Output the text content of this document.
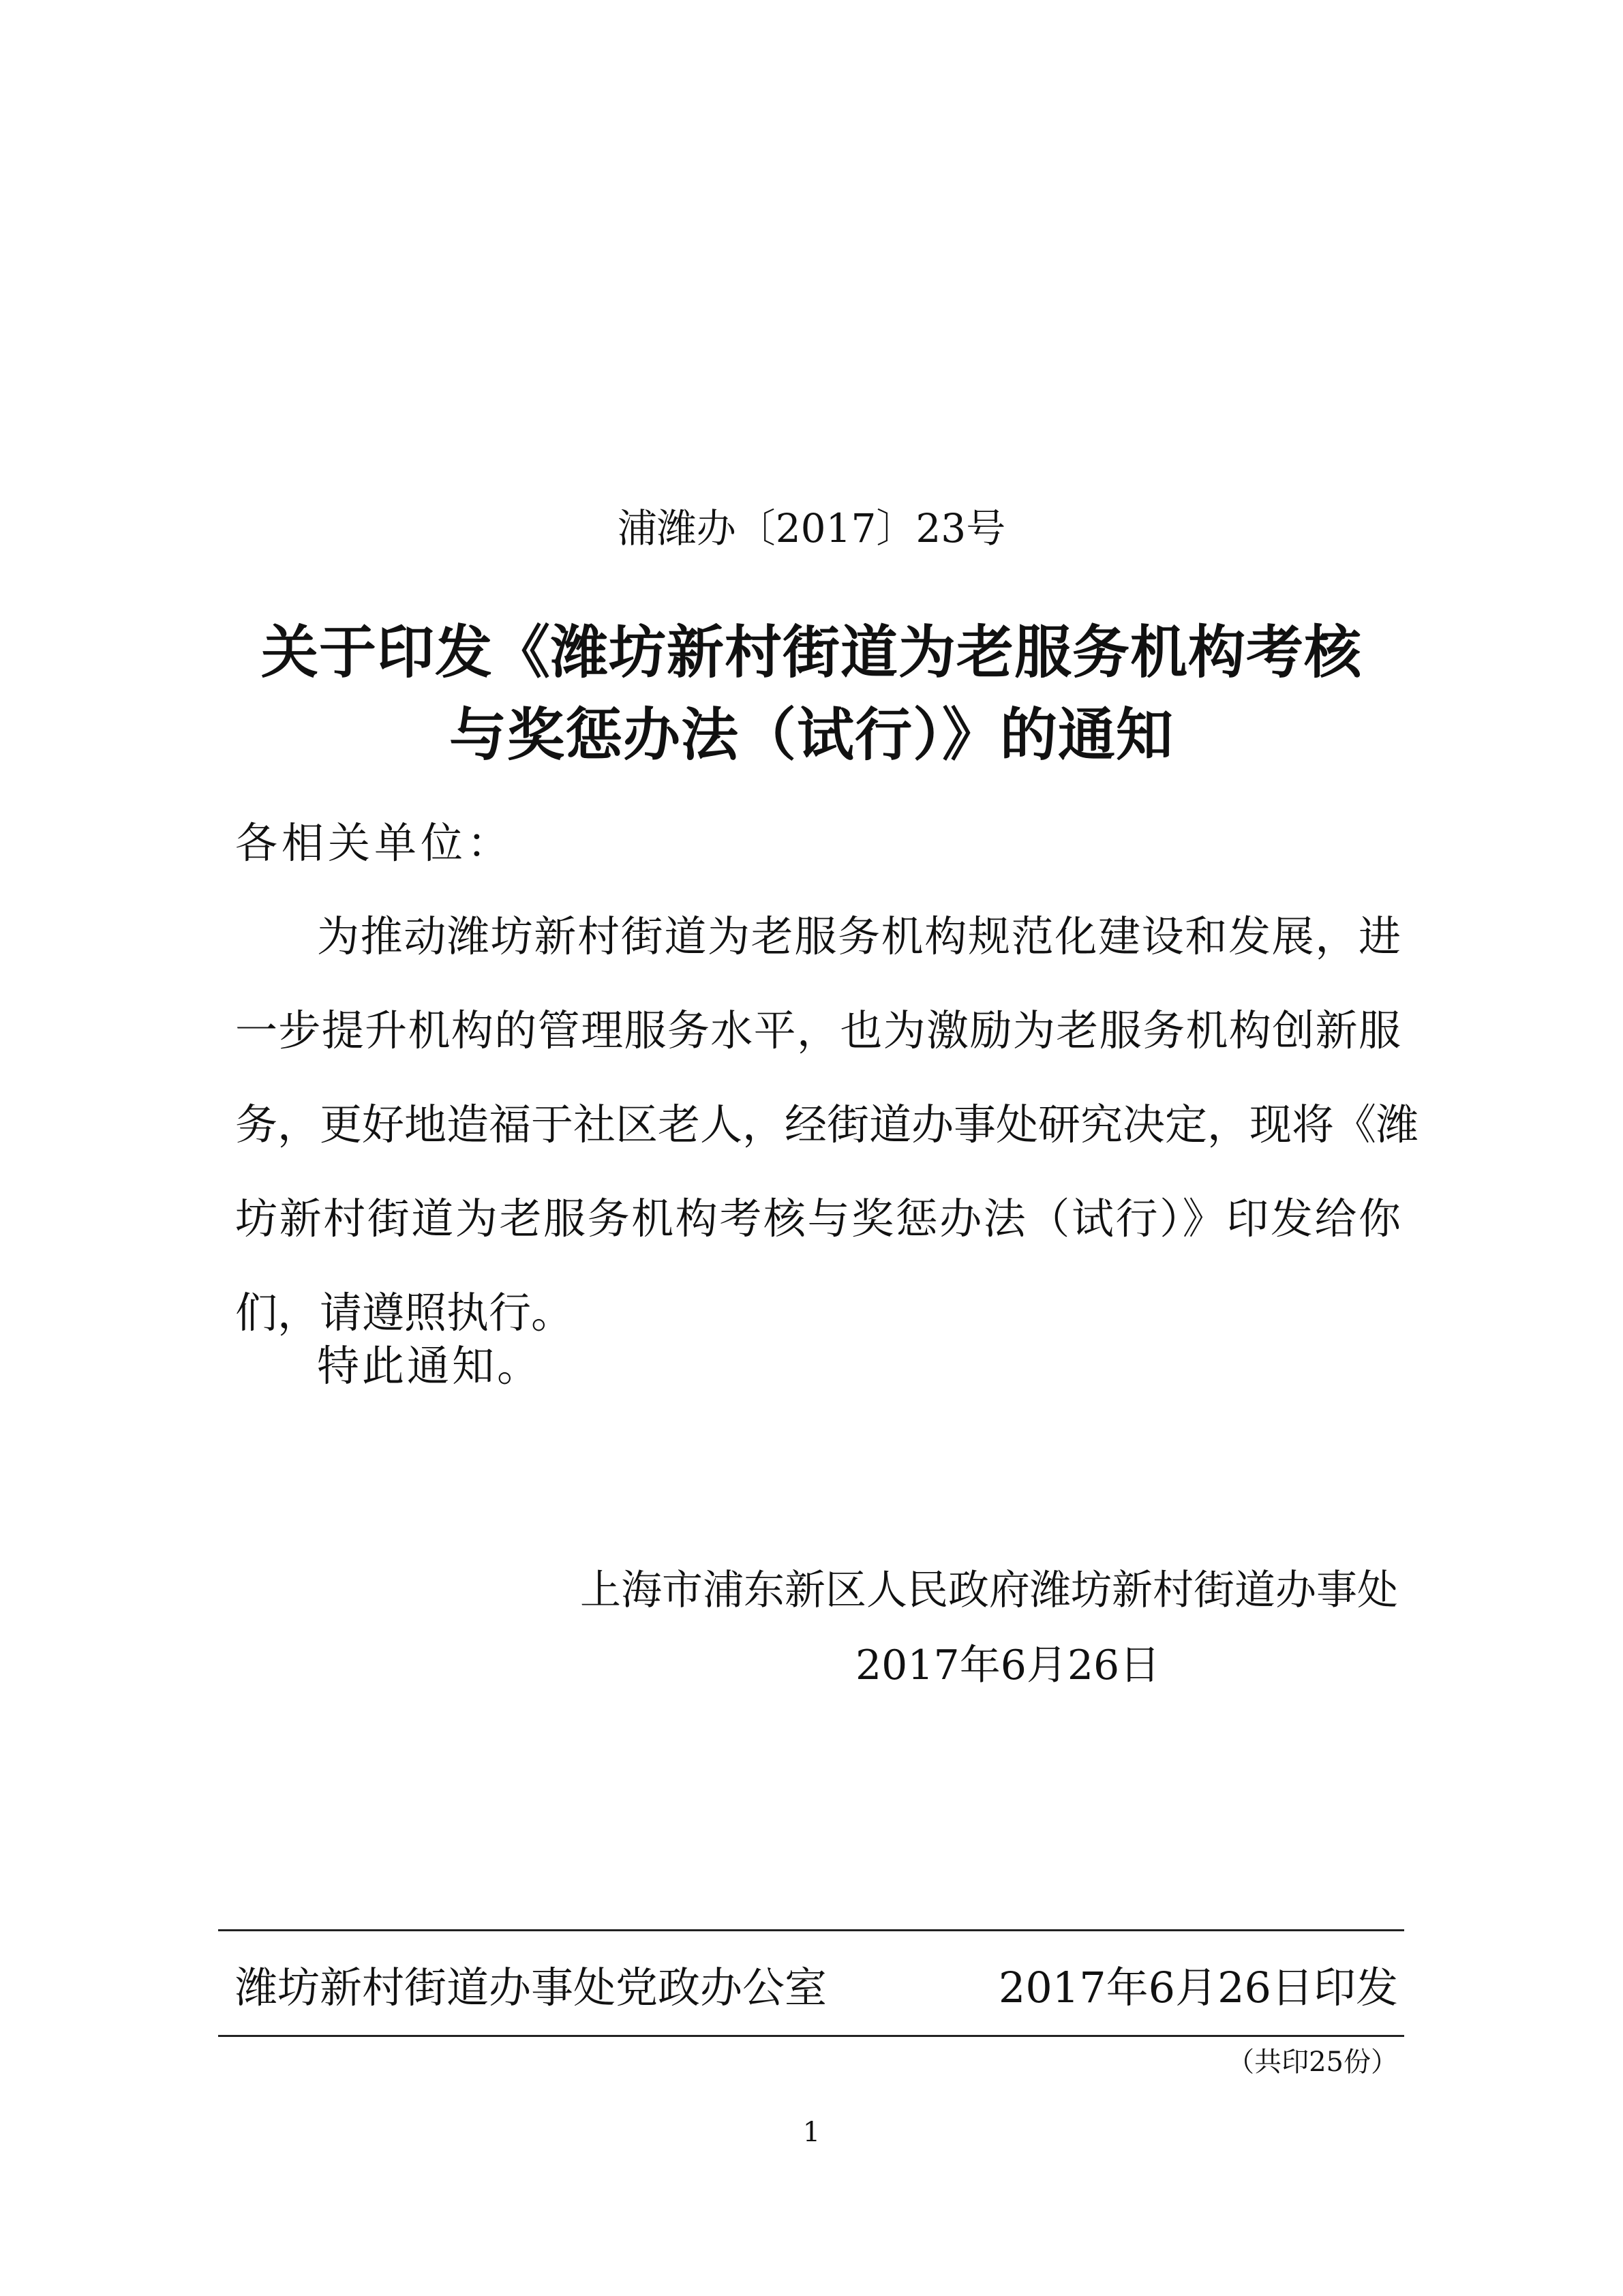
浦潍办〔2017〕23号
关于印发《潍坊新村街道为老服务机构考核
与奖惩办法（试行）》的通知
各相关单位：
为推动潍坊新村街道为老服务机构规范化建设和发展，进
一步提升机构的管理服务水平，也为激励为老服务机构创新服
务，更好地造福于社区老人，经街道办事处研究决定，现将《潍
坊新村街道为老服务机构考核与奖惩办法（试行）》印发给你
们，请遵照执行。
特此通知。
上海市浦东新区人民政府潍坊新村街道办事处
2017年6月26日
潍坊新村街道办事处党政办公室	2017年6月26日印发
（共印25份）
1
